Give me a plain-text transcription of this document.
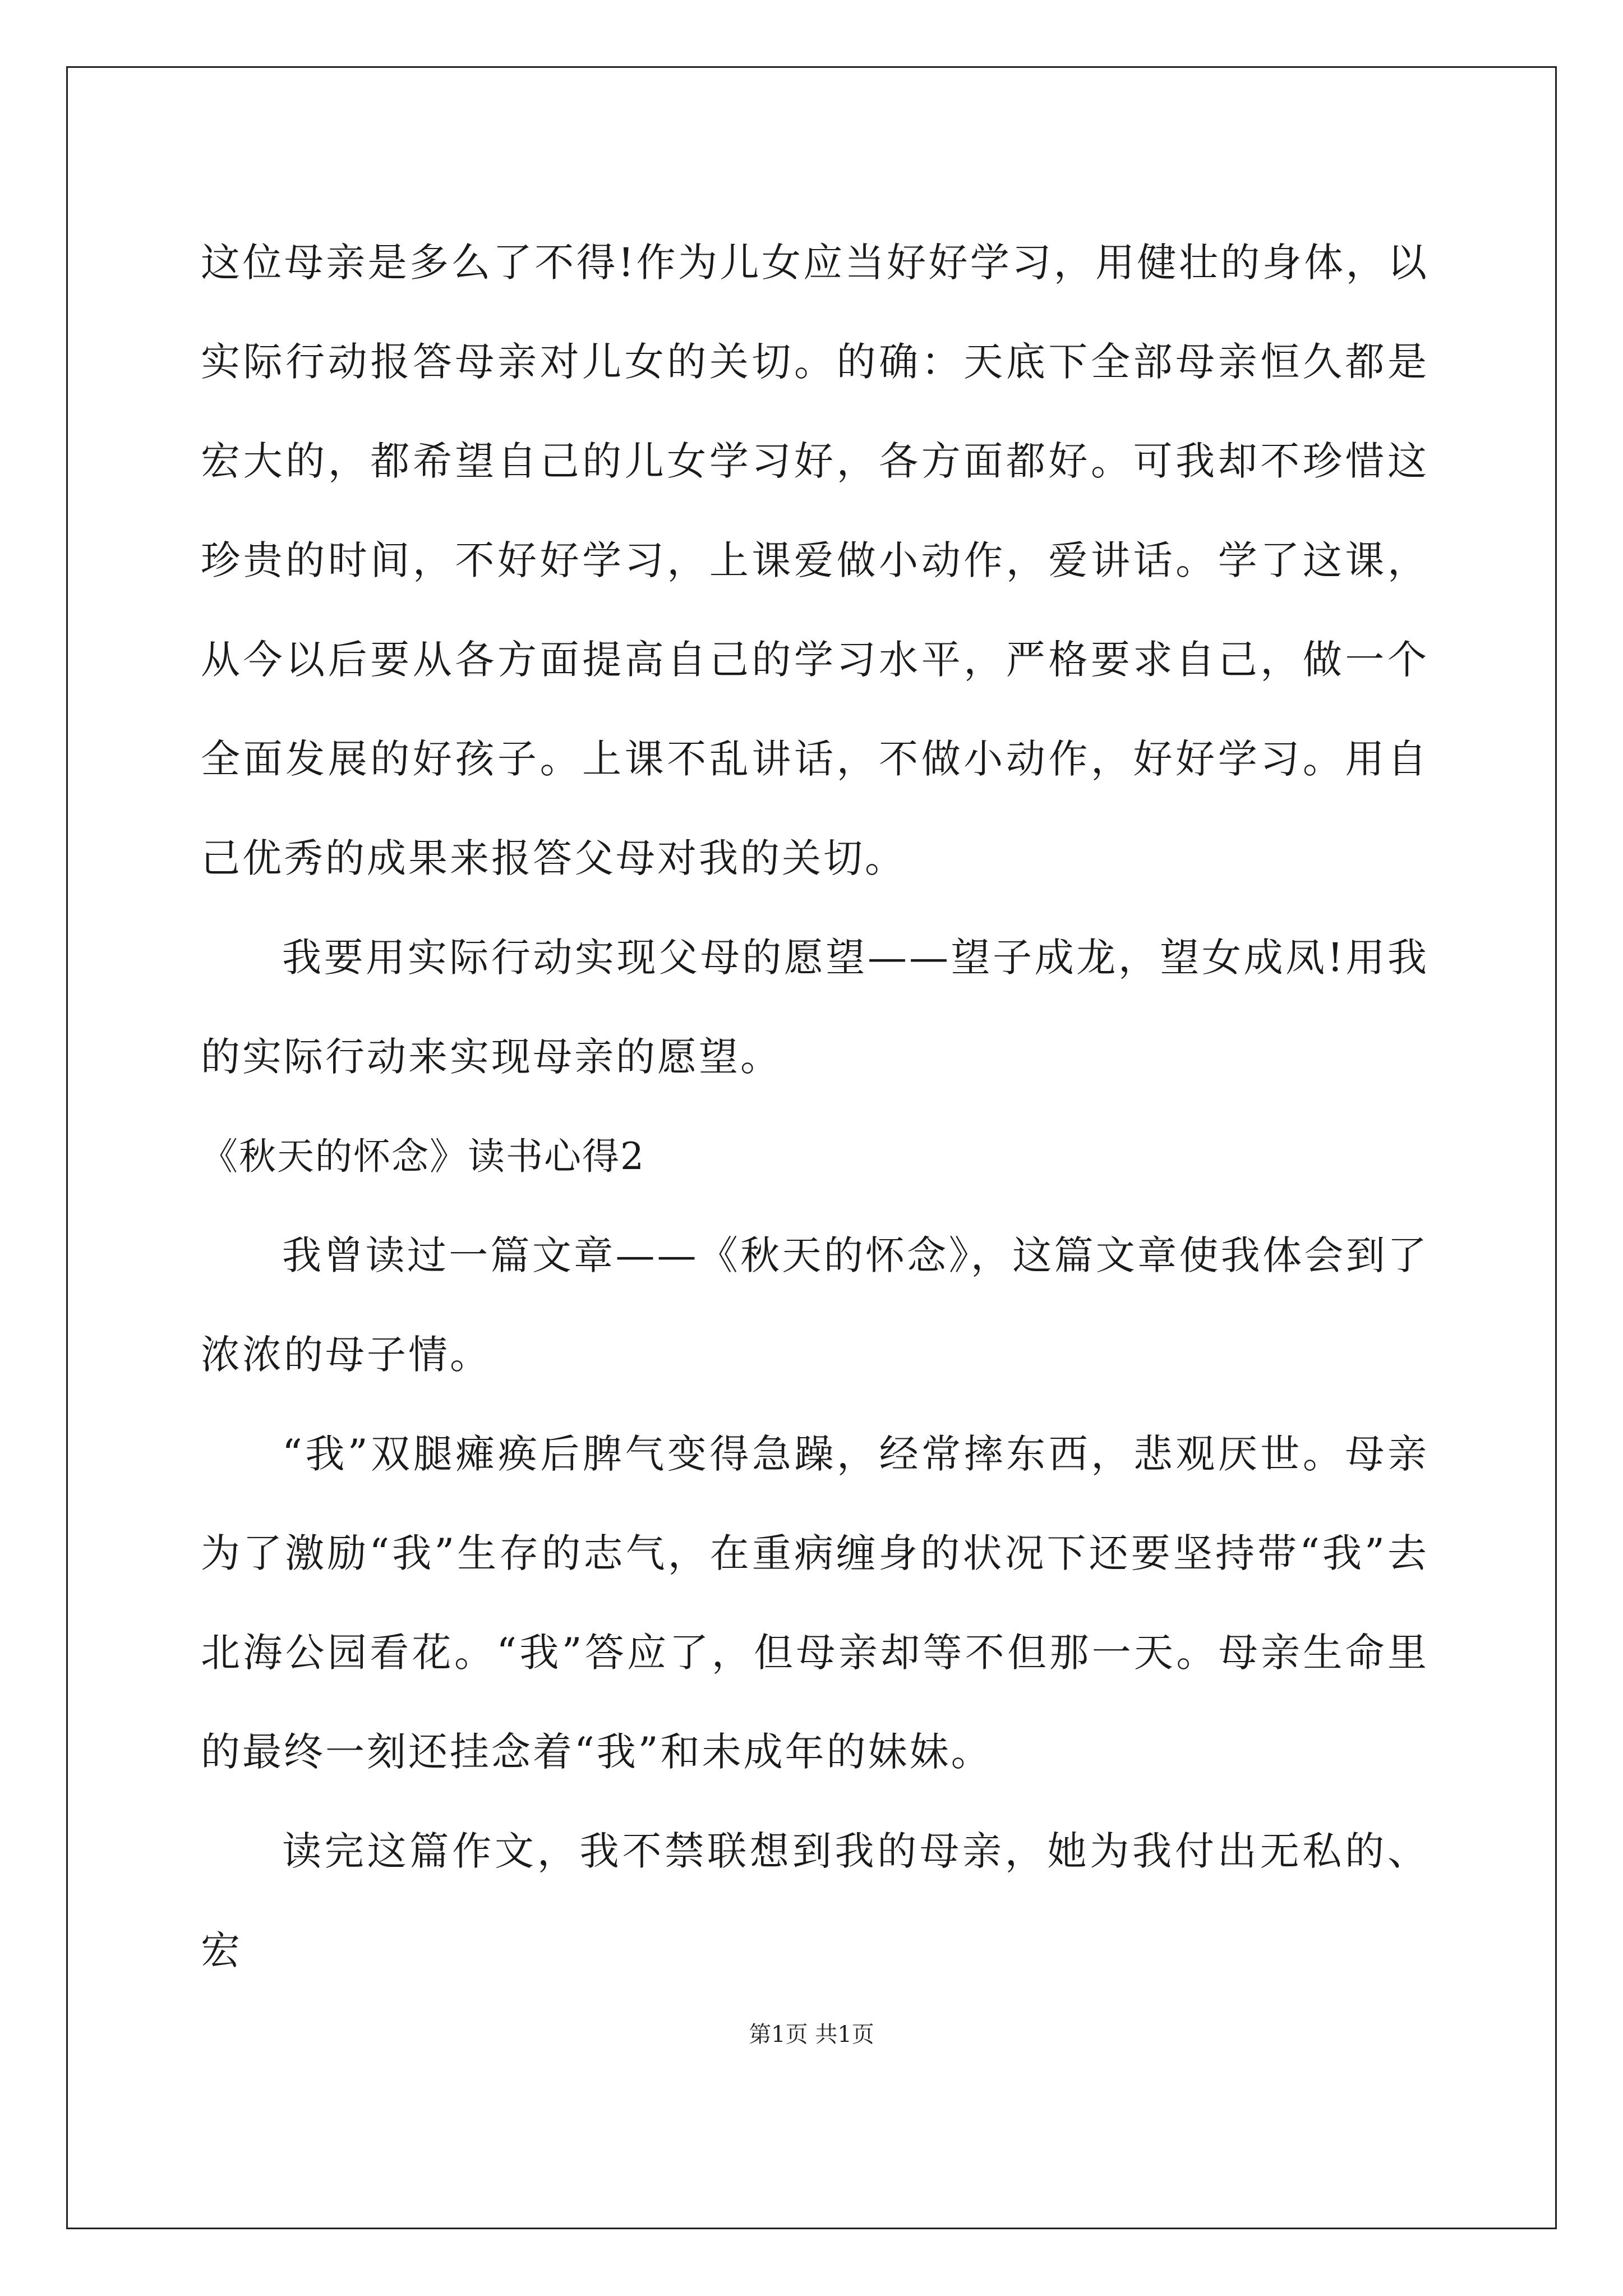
这位母亲是多么了不得!作为儿女应当好好学习，用健壮的身体，以实际行动报答母亲对儿女的关切。的确：天底下全部母亲恒久都是宏大的，都希望自己的儿女学习好，各方面都好。可我却不珍惜这珍贵的时间，不好好学习，上课爱做小动作，爱讲话。学了这课，从今以后要从各方面提高自己的学习水平，严格要求自己，做一个全面发展的好孩子。上课不乱讲话，不做小动作，好好学习。用自己优秀的成果来报答父母对我的关切。

我要用实际行动实现父母的愿望——望子成龙，望女成凤!用我的实际行动来实现母亲的愿望。

《秋天的怀念》读书心得2

我曾读过一篇文章——《秋天的怀念》，这篇文章使我体会到了浓浓的母子情。

“我”双腿瘫痪后脾气变得急躁，经常摔东西，悲观厌世。母亲为了激励“我”生存的志气，在重病缠身的状况下还要坚持带“我”去北海公园看花。“我”答应了，但母亲却等不但那一天。母亲生命里的最终一刻还挂念着“我”和未成年的妹妹。

读完这篇作文，我不禁联想到我的母亲，她为我付出无私的、宏

第1页 共1页
